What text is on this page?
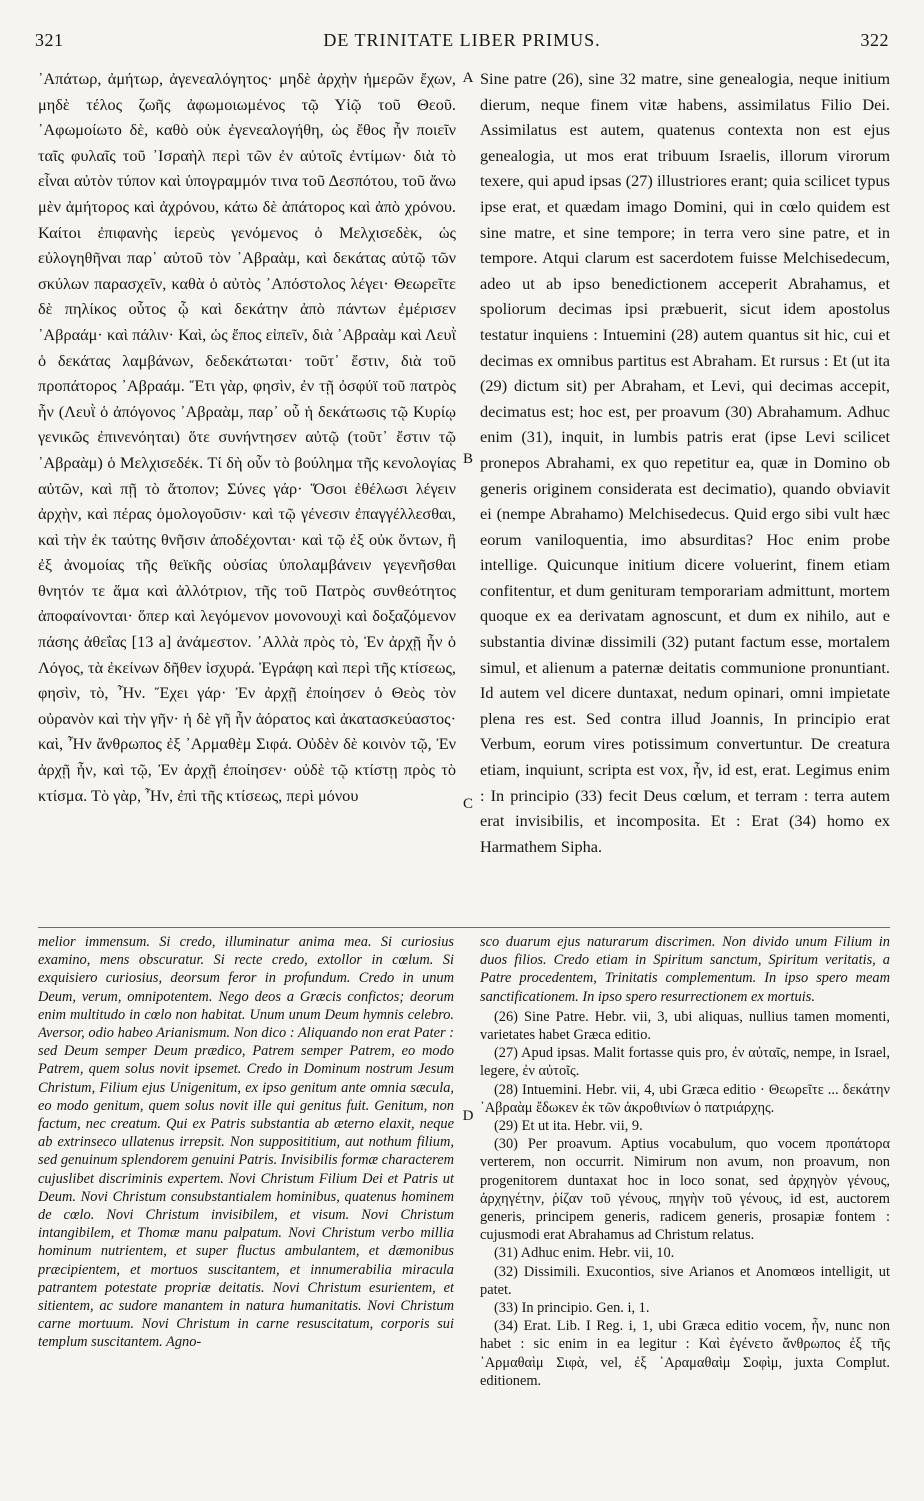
321	DE TRINITATE LIBER PRIMUS.	322

᾿Απάτωρ, ἀμήτωρ, ἀγενεαλόγητος· μηδὲ ἀρχὴν ἡμερῶν ἔχων, μηδὲ τέλος ζωῆς ἀφωμοιωμένος τῷ Υἱῷ τοῦ Θεοῦ. ᾿Αφωμοίωτο δὲ, καθὸ οὐκ ἐγενεαλογήθη, ὡς ἔθος ἦν ποιεῖν ταῖς φυλαῖς τοῦ ᾿Ισραὴλ περὶ τῶν ἐν αὐτοῖς ἐντίμων· διὰ τὸ εἶναι αὐτὸν τύπον καὶ ὑπογραμμόν τινα τοῦ Δεσπότου, τοῦ ἄνω μὲν ἀμήτορος καὶ ἀχρόνου, κάτω δὲ ἀπάτορος καὶ ἀπὸ χρόνου. Καίτοι ἐπιφανὴς ἱερεὺς γενόμενος ὁ Μελχισεδὲκ, ὡς εὐλογηθῆναι παρ᾿ αὐτοῦ τὸν ᾿Αβραὰμ, καὶ δεκάτας αὐτῷ τῶν σκύλων παρασχεῖν, καθὰ ὁ αὐτὸς ᾿Απόστολος λέγει· Θεωρεῖτε δὲ πηλίκος οὗτος ᾧ καὶ δεκάτην ἀπὸ πάντων ἐμέρισεν ᾿Αβραάμ· καὶ πάλιν· Καὶ, ὡς ἔπος εἰπεῖν, διὰ ᾿Αβραὰμ καὶ Λευῒ ὁ δεκάτας λαμβάνων, δεδεκάτωται· τοῦτ᾿ ἔστιν, διὰ τοῦ προπάτορος ᾿Αβραάμ. Ἔτι γὰρ, φησὶν, ἐν τῇ ὀσφύϊ τοῦ πατρὸς ἦν (Λευῒ ὁ ἀπόγονος ᾿Αβραὰμ, παρ᾿ οὗ ἡ δεκάτωσις τῷ Κυρίῳ γενικῶς ἐπινενόηται) ὅτε συνήντησεν αὐτῷ (τοῦτ᾿ ἔστιν τῷ ᾿Αβραὰμ) ὁ Μελχισεδέκ. Τί δὴ οὖν τὸ βούλημα τῆς κενολογίας αὐτῶν, καὶ πῇ τὸ ἄτοπον; Σύνες γάρ· Ὅσοι ἐθέλωσι λέγειν ἀρχὴν, καὶ πέρας ὁμολογοῦσιν· καὶ τῷ γένεσιν ἐπαγγέλλεσθαι, καὶ τὴν ἐκ ταύτης θνῆσιν ἀποδέχονται· καὶ τῷ ἐξ οὐκ ὄντων, ἢ ἐξ ἀνομοίας τῆς θεϊκῆς οὐσίας ὑπολαμβάνειν γεγενῆσθαι θνητόν τε ἅμα καὶ ἀλλότριον, τῆς τοῦ Πατρὸς συνθεότητος ἀποφαίνονται· ὅπερ καὶ λεγόμενον μονονουχὶ καὶ δοξαζόμενον πάσης ἀθεΐας [13 a] ἀνάμεστον. ᾿Αλλὰ πρὸς τὸ, Ἐν ἀρχῇ ἦν ὁ Λόγος, τὰ ἐκείνων δῆθεν ἰσχυρά. Ἐγράφη καὶ περὶ τῆς κτίσεως, φησὶν, τὸ, Ἦν. Ἔχει γάρ· Ἐν ἀρχῇ ἐποίησεν ὁ Θεὸς τὸν οὐρανὸν καὶ τὴν γῆν· ἡ δὲ γῆ ἦν ἀόρατος καὶ ἀκατασκεύαστος· καὶ, Ἦν ἄνθρωπος ἐξ ᾿Αρμαθὲμ Σιφά. Οὐδὲν δὲ κοινὸν τῷ, Ἐν ἀρχῇ ἦν, καὶ τῷ, Ἐν ἀρχῇ ἐποίησεν· οὐδὲ τῷ κτίστῃ πρὸς τὸ κτίσμα. Τὸ γὰρ, Ἦν, ἐπὶ τῆς κτίσεως, περὶ μόνου

A
B
C

Sine patre (26), sine 32 matre, sine genealogia, neque initium dierum, neque finem vitæ habens, assimilatus Filio Dei. Assimilatus est autem, quatenus contexta non est ejus genealogia, ut mos erat tribuum Israelis, illorum virorum texere, qui apud ipsas (27) illustriores erant; quia scilicet typus ipse erat, et quædam imago Domini, qui in cœlo quidem est sine matre, et sine tempore; in terra vero sine patre, et in tempore. Atqui clarum est sacerdotem fuisse Melchisedecum, adeo ut ab ipso benedictionem acceperit Abrahamus, et spoliorum decimas ipsi præbuerit, sicut idem apostolus testatur inquiens : Intuemini (28) autem quantus sit hic, cui et decimas ex omnibus partitus est Abraham. Et rursus : Et (ut ita (29) dictum sit) per Abraham, et Levi, qui decimas accepit, decimatus est; hoc est, per proavum (30) Abrahamum. Adhuc enim (31), inquit, in lumbis patris erat (ipse Levi scilicet pronepos Abrahami, ex quo repetitur ea, quæ in Domino ob generis originem considerata est decimatio), quando obviavit ei (nempe Abrahamo) Melchisedecus. Quid ergo sibi vult hæc eorum vaniloquentia, imo absurditas? Hoc enim probe intellige. Quicunque initium dicere voluerint, finem etiam confitentur, et dum genituram temporariam admittunt, mortem quoque ex ea derivatam agnoscunt, et dum ex nihilo, aut e substantia divinæ dissimili (32) putant factum esse, mortalem simul, et alienum a paternæ deitatis communione pronuntiant. Id autem vel dicere duntaxat, nedum opinari, omni impietate plena res est. Sed contra illud Joannis, In principio erat Verbum, eorum vires potissimum convertuntur. De creatura etiam, inquiunt, scripta est vox, ἦν, id est, erat. Legimus enim : In principio (33) fecit Deus cœlum, et terram : terra autem erat invisibilis, et incomposita. Et : Erat (34) homo ex Harmathem Sipha.

melior immensum. Si credo, illuminatur anima mea. Si curiosius examino, mens obscuratur. Si recte credo, extollor in cœlum. Si exquisiero curiosius, deorsum feror in profundum. Credo in unum Deum, verum, omnipotentem. Nego deos a Græcis confictos; deorum enim multitudo in cœlo non habitat. Unum unum Deum hymnis celebro. Aversor, odio habeo Arianismum. Non dico : Aliquando non erat Pater : sed Deum semper Deum prædico, Patrem semper Patrem, eo modo Patrem, quem solus novit ipsemet. Credo in Dominum nostrum Jesum Christum, Filium ejus Unigenitum, ex ipso genitum ante omnia sæcula, eo modo genitum, quem solus novit ille qui genitus fuit. Genitum, non factum, nec creatum. Qui ex Patris substantia ab æterno elaxit, neque ab extrinseco ullatenus irrepsit. Non supposititium, aut nothum filium, sed genuinum splendorem genuini Patris. Invisibilis formæ characterem cujuslibet discriminis expertem. Novi Christum Filium Dei et Patris ut Deum. Novi Christum consubstantialem hominibus, quatenus hominem de cœlo. Novi Christum invisibilem, et visum. Novi Christum intangibilem, et Thomæ manu palpatum. Novi Christum verbo millia hominum nutrientem, et super fluctus ambulantem, et dæmonibus præcipientem, et mortuos suscitantem, et innumerabilia miracula patrantem potestate propriæ deitatis. Novi Christum esurientem, et sitientem, ac sudore manantem in natura humanitatis. Novi Christum carne mortuum. Novi Christum in carne resuscitatum, corporis sui templum suscitantem. Agno-

D

sco duarum ejus naturarum discrimen. Non divido unum Filium in duos filios. Credo etiam in Spiritum sanctum, Spiritum veritatis, a Patre procedentem, Trinitatis complementum. In ipso spero meam sanctificationem. In ipso spero resurrectionem ex mortuis.

(26) Sine Patre. Hebr. vii, 3, ubi aliquas, nullius tamen momenti, varietates habet Græca editio.

(27) Apud ipsas. Malit fortasse quis pro, ἐν αὐταῖς, nempe, in Israel, legere, ἐν αὐτοῖς.

(28) Intuemini. Hebr. vii, 4, ubi Græca editio · Θεωρεῖτε ... δεκάτην ᾿Αβραὰμ ἔδωκεν ἐκ τῶν ἀκροθινίων ὁ πατριάρχης.

(29) Et ut ita. Hebr. vii, 9.

(30) Per proavum. Aptius vocabulum, quo vocem προπάτορα verterem, non occurrit. Nimirum non avum, non proavum, non progenitorem duntaxat hoc in loco sonat, sed ἀρχηγὸν γένους, ἀρχηγέτην, ῥίζαν τοῦ γένους, πηγὴν τοῦ γένους, id est, auctorem generis, principem generis, radicem generis, prosapiæ fontem : cujusmodi erat Abrahamus ad Christum relatus.

(31) Adhuc enim. Hebr. vii, 10.

(32) Dissimili. Exucontios, sive Arianos et Anomœos intelligit, ut patet.

(33) In principio. Gen. i, 1.

(34) Erat. Lib. I Reg. i, 1, ubi Græca editio vocem, ἦν, nunc non habet : sic enim in ea legitur : Καὶ ἐγένετο ἄνθρωπος ἐξ τῆς ᾿Αρμαθαὶμ Σιφὰ, vel, ἐξ ᾿Αραμαθαὶμ Σοφὶμ, juxta Complut. editionem.
